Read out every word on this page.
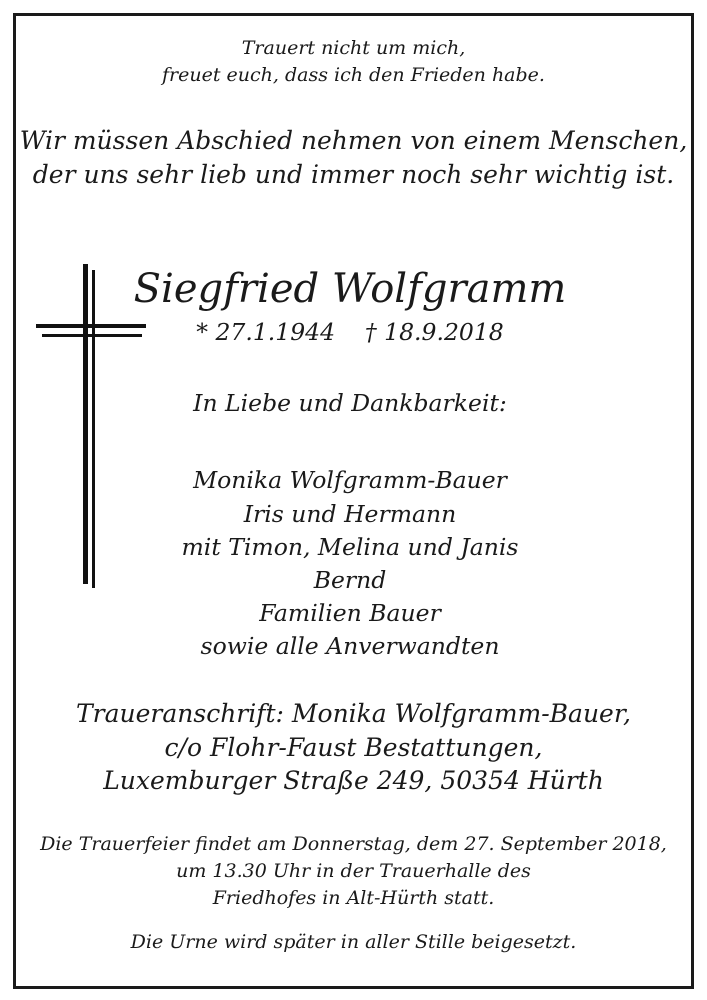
Trauert nicht um mich,
freuet euch, dass ich den Frieden habe.
Wir müssen Abschied nehmen von einem Menschen,
der uns sehr lieb und immer noch sehr wichtig ist.
Siegfried Wolfgramm
* 27.1.1944    † 18.9.2018
In Liebe und Dankbarkeit:
Monika Wolfgramm-Bauer
Iris und Hermann
mit Timon, Melina und Janis
Bernd
Familien Bauer
sowie alle Anverwandten
Traueranschrift: Monika Wolfgramm-Bauer,
c/o Flohr-Faust Bestattungen,
Luxemburger Straße 249, 50354 Hürth
Die Trauerfeier findet am Donnerstag, dem 27. September 2018,
um 13.30 Uhr in der Trauerhalle des
Friedhofes in Alt-Hürth statt.
Die Urne wird später in aller Stille beigesetzt.
